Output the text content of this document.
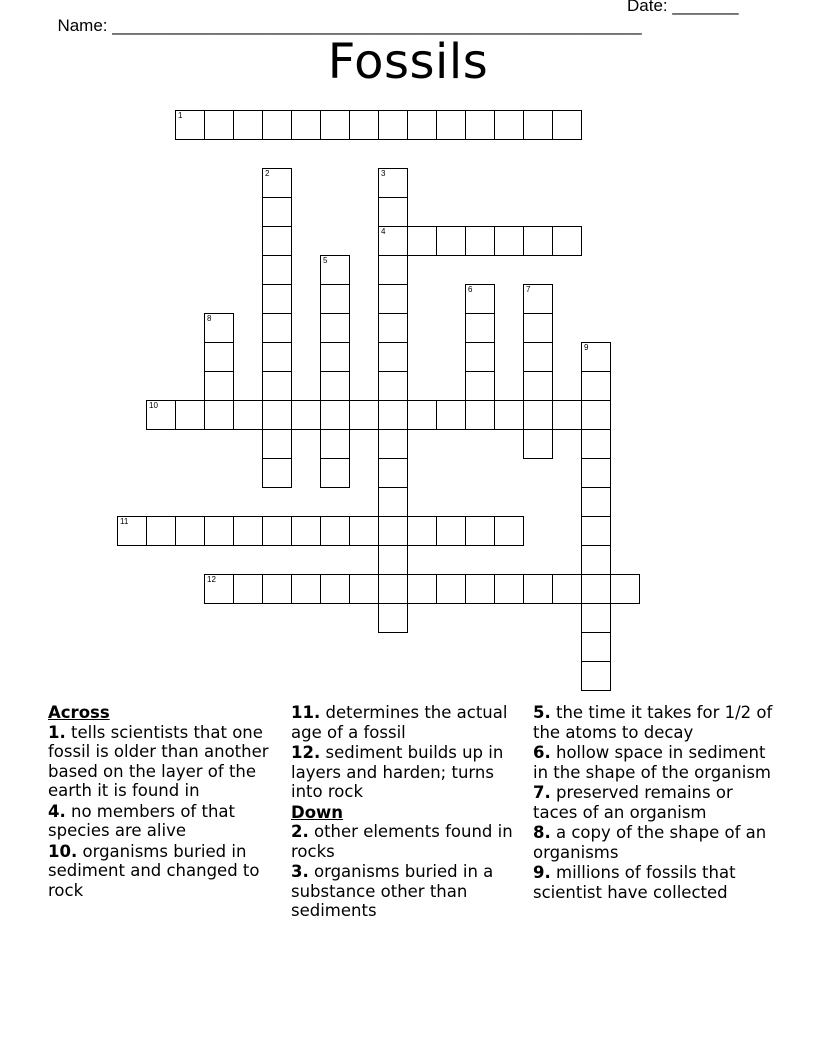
Name: ________________________________________________________

Date: _______

Fossils
1
2	3
4
5
6	7
8
9
10
11
12
Across
1. tells scientists that one fossil is older than another based on the layer of the earth it is found in
4. no members of that species are alive
10. organisms buried in sediment and changed to rock
11. determines the actual age of a fossil
12. sediment builds up in layers and harden; turns into rock
Down
2. other elements found in rocks
3. organisms buried in a substance other than sediments
5. the time it takes for 1/2 of the atoms to decay
6. hollow space in sediment in the shape of the organism
7. preserved remains or taces of an organism
8. a copy of the shape of an organisms
9. millions of fossils that scientist have collected
